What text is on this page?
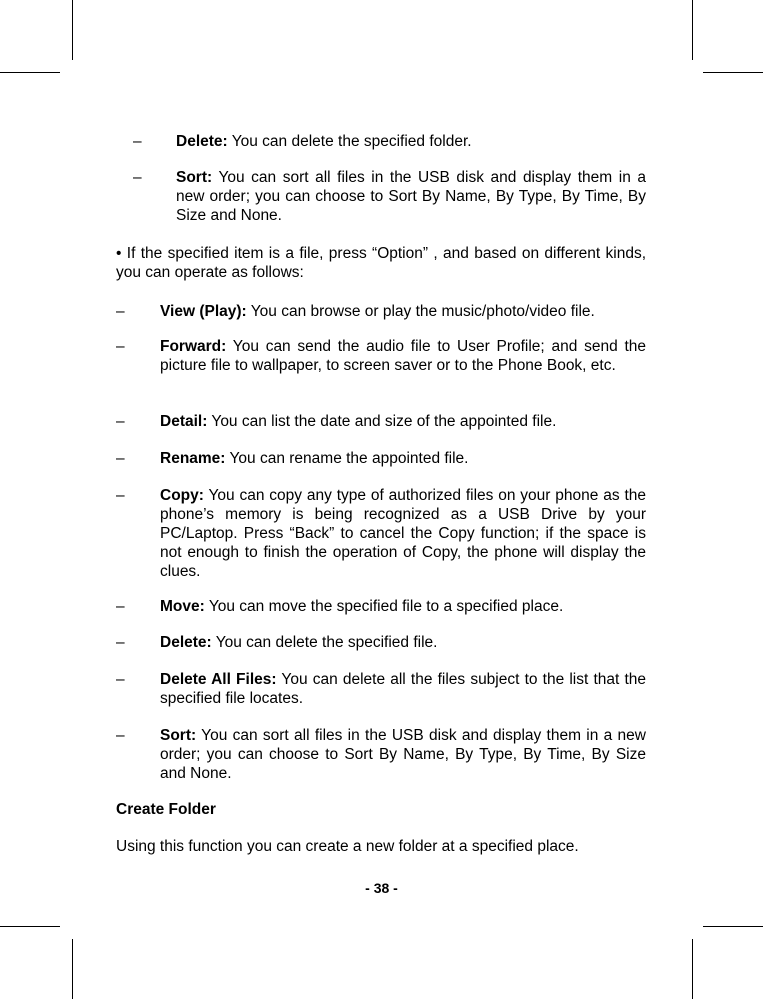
–	Delete: You can delete the specified folder.
–	Sort: You can sort all files in the USB disk and display them in a new order; you can choose to Sort By Name, By Type, By Time, By Size and None.
• If the specified item is a file, press “Option” , and based on different kinds, you can operate as follows:
–	View (Play): You can browse or play the music/photo/video file.
–	Forward: You can send the audio file to User Profile; and send the picture file to wallpaper, to screen saver or to the Phone Book, etc.
–	Detail: You can list the date and size of the appointed file.
–	Rename: You can rename the appointed file.
–	Copy: You can copy any type of authorized files on your phone as the phone’s memory is being recognized as a USB Drive by your PC/Laptop. Press “Back” to cancel the Copy function; if the space is not enough to finish the operation of Copy, the phone will display the clues.
–	Move: You can move the specified file to a specified place.
–	Delete: You can delete the specified file.
–	Delete All Files: You can delete all the files subject to the list that the specified file locates.
–	Sort: You can sort all files in the USB disk and display them in a new order; you can choose to Sort By Name, By Type, By Time, By Size and None.
Create Folder
Using this function you can create a new folder at a specified place.
- 38 -
